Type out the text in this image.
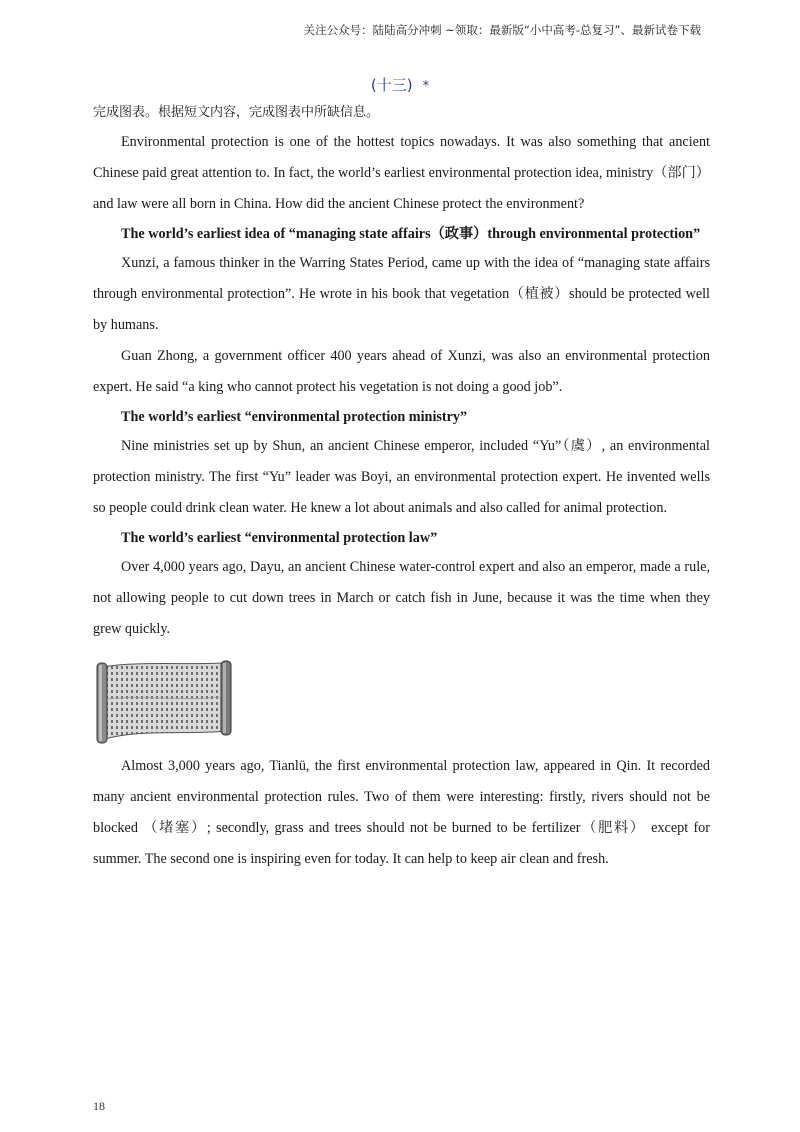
关注公众号：陆陆高分冲刺 ~领取：最新版“小中高考-总复习”、最新试卷下载
(十三) *

完成图表。根据短文内容，完成图表中所缺信息。

Environmental protection is one of the hottest topics nowadays. It was also something that ancient Chinese paid great attention to. In fact, the world’s earliest environmental protection idea, ministry（部门）and law were all born in China. How did the ancient Chinese protect the environment?

The world’s earliest idea of “managing state affairs（政事）through environmental protection”

Xunzi, a famous thinker in the Warring States Period, came up with the idea of “managing state affairs through environmental protection”. He wrote in his book that vegetation（植被）should be protected well by humans.

Guan Zhong, a government officer 400 years ahead of Xunzi, was also an environmental protection expert. He said “a king who cannot protect his vegetation is not doing a good job”.

The world’s earliest “environmental protection ministry”

Nine ministries set up by Shun, an ancient Chinese emperor, included “Yu”（虞）, an environmental protection ministry. The first “Yu” leader was Boyi, an environmental protection expert. He invented wells so people could drink clean water. He knew a lot about animals and also called for animal protection.

The world’s earliest “environmental protection law”

Over 4,000 years ago, Dayu, an ancient Chinese water-control expert and also an emperor, made a rule, not allowing people to cut down trees in March or catch fish in June, because it was the time when they grew quickly.

Almost 3,000 years ago, Tianlü, the first environmental protection law, appeared in Qin. It recorded many ancient environmental protection rules. Two of them were interesting: firstly, rivers should not be blocked （堵塞）; secondly, grass and trees should not be burned to be fertilizer（肥料） except for summer. The second one is inspiring even for today. It can help to keep air clean and fresh.

18
